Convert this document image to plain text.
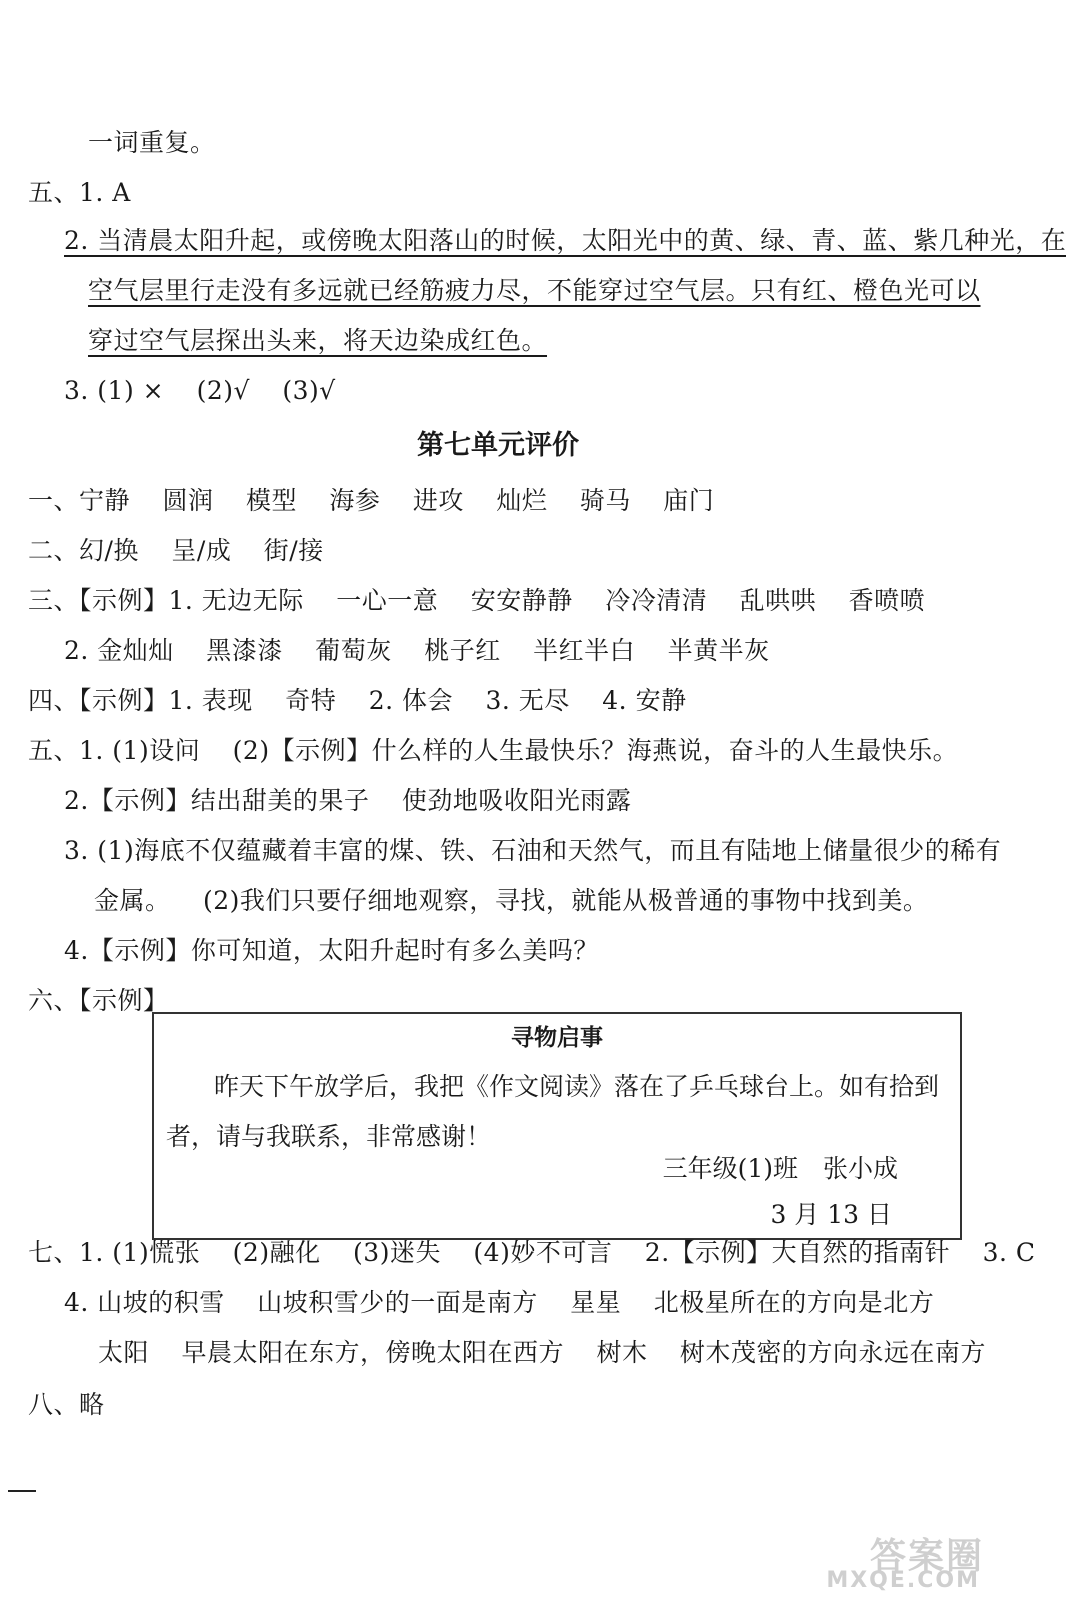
一词重复。
五、1. A
2. 当清晨太阳升起，或傍晚太阳落山的时候，太阳光中的黄、绿、青、蓝、紫几种光，在
空气层里行走没有多远就已经筋疲力尽，不能穿过空气层。只有红、橙色光可以
穿过空气层探出头来，将天边染成红色。
3. (1) × (2)√ (3)√
第七单元评价
一、宁静 圆润 模型 海参 进攻 灿烂 骑马 庙门
二、幻/换 呈/成 街/接
三、【示例】1. 无边无际 一心一意 安安静静 冷冷清清 乱哄哄 香喷喷
2. 金灿灿 黑漆漆 葡萄灰 桃子红 半红半白 半黄半灰
四、【示例】1. 表现 奇特 2. 体会 3. 无尽 4. 安静
五、1. (1)设问 (2)【示例】什么样的人生最快乐？海燕说，奋斗的人生最快乐。
2.【示例】结出甜美的果子 使劲地吸收阳光雨露
3. (1)海底不仅蕴藏着丰富的煤、铁、石油和天然气，而且有陆地上储量很少的稀有
金属。 (2)我们只要仔细地观察，寻找，就能从极普通的事物中找到美。
4.【示例】你可知道，太阳升起时有多么美吗？
六、【示例】
寻物启事
昨天下午放学后，我把《作文阅读》落在了乒乓球台上。如有拾到
者，请与我联系，非常感谢！
三年级(1)班　张小成
3 月 13 日
七、1. (1)慌张 (2)融化 (3)迷失 (4)妙不可言 2.【示例】大自然的指南针 3. C
4. 山坡的积雪 山坡积雪少的一面是南方 星星 北极星所在的方向是北方
太阳 早晨太阳在东方，傍晚太阳在西方 树木 树木茂密的方向永远在南方
八、略
答案圈
MXQE.COM
